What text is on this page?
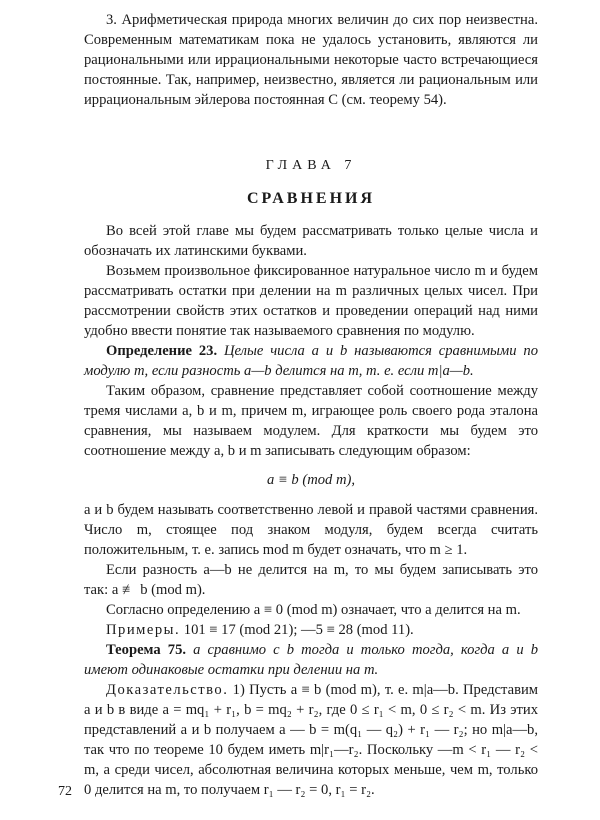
3. Арифметическая природа многих величин до сих пор неизвестна. Современным математикам пока не удалось установить, являются ли рациональными или иррациональными некоторые часто встречающиеся постоянные. Так, например, неизвестно, является ли рациональным или иррациональным эйлерова постоянная C (см. теорему 54).

ГЛАВА 7
СРАВНЕНИЯ

Во всей этой главе мы будем рассматривать только целые числа и обозначать их латинскими буквами.

Возьмем произвольное фиксированное натуральное число m и будем рассматривать остатки при делении на m различных целых чисел. При рассмотрении свойств этих остатков и проведении операций над ними удобно ввести понятие так называемого сравнения по модулю.

Определение 23. Целые числа a и b называются сравнимыми по модулю m, если разность a—b делится на m, т. е. если m|a—b.

Таким образом, сравнение представляет собой соотношение между тремя числами a, b и m, причем m, играющее роль своего рода эталона сравнения, мы называем модулем. Для краткости мы будем это соотношение между a, b и m записывать следующим образом:

a ≡ b (mod m),

a и b будем называть соответственно левой и правой частями сравнения. Число m, стоящее под знаком модуля, будем всегда считать положительным, т. е. запись mod m будет означать, что m ≥ 1.

Если разность a—b не делится на m, то мы будем записывать это так: a ≢ b (mod m).

Согласно определению a ≡ 0 (mod m) означает, что a делится на m.

Примеры. 101 ≡ 17 (mod 21); —5 ≡ 28 (mod 11).

Теорема 75. a сравнимо с b тогда и только тогда, когда a и b имеют одинаковые остатки при делении на m.

Доказательство. 1) Пусть a ≡ b (mod m), т. е. m|a—b. Представим a и b в виде a = mq₁ + r₁, b = mq₂ + r₂, где 0 ≤ r₁ < m, 0 ≤ r₂ < m. Из этих представлений a и b получаем a — b = m(q₁ — q₂) + r₁ — r₂; но m|a—b, так что по теореме 10 будем иметь m|r₁—r₂. Поскольку —m < r₁ — r₂ < m, а среди чисел, абсолютная величина которых меньше, чем m, только 0 делится на m, то получаем r₁ — r₂ = 0, r₁ = r₂.

72
